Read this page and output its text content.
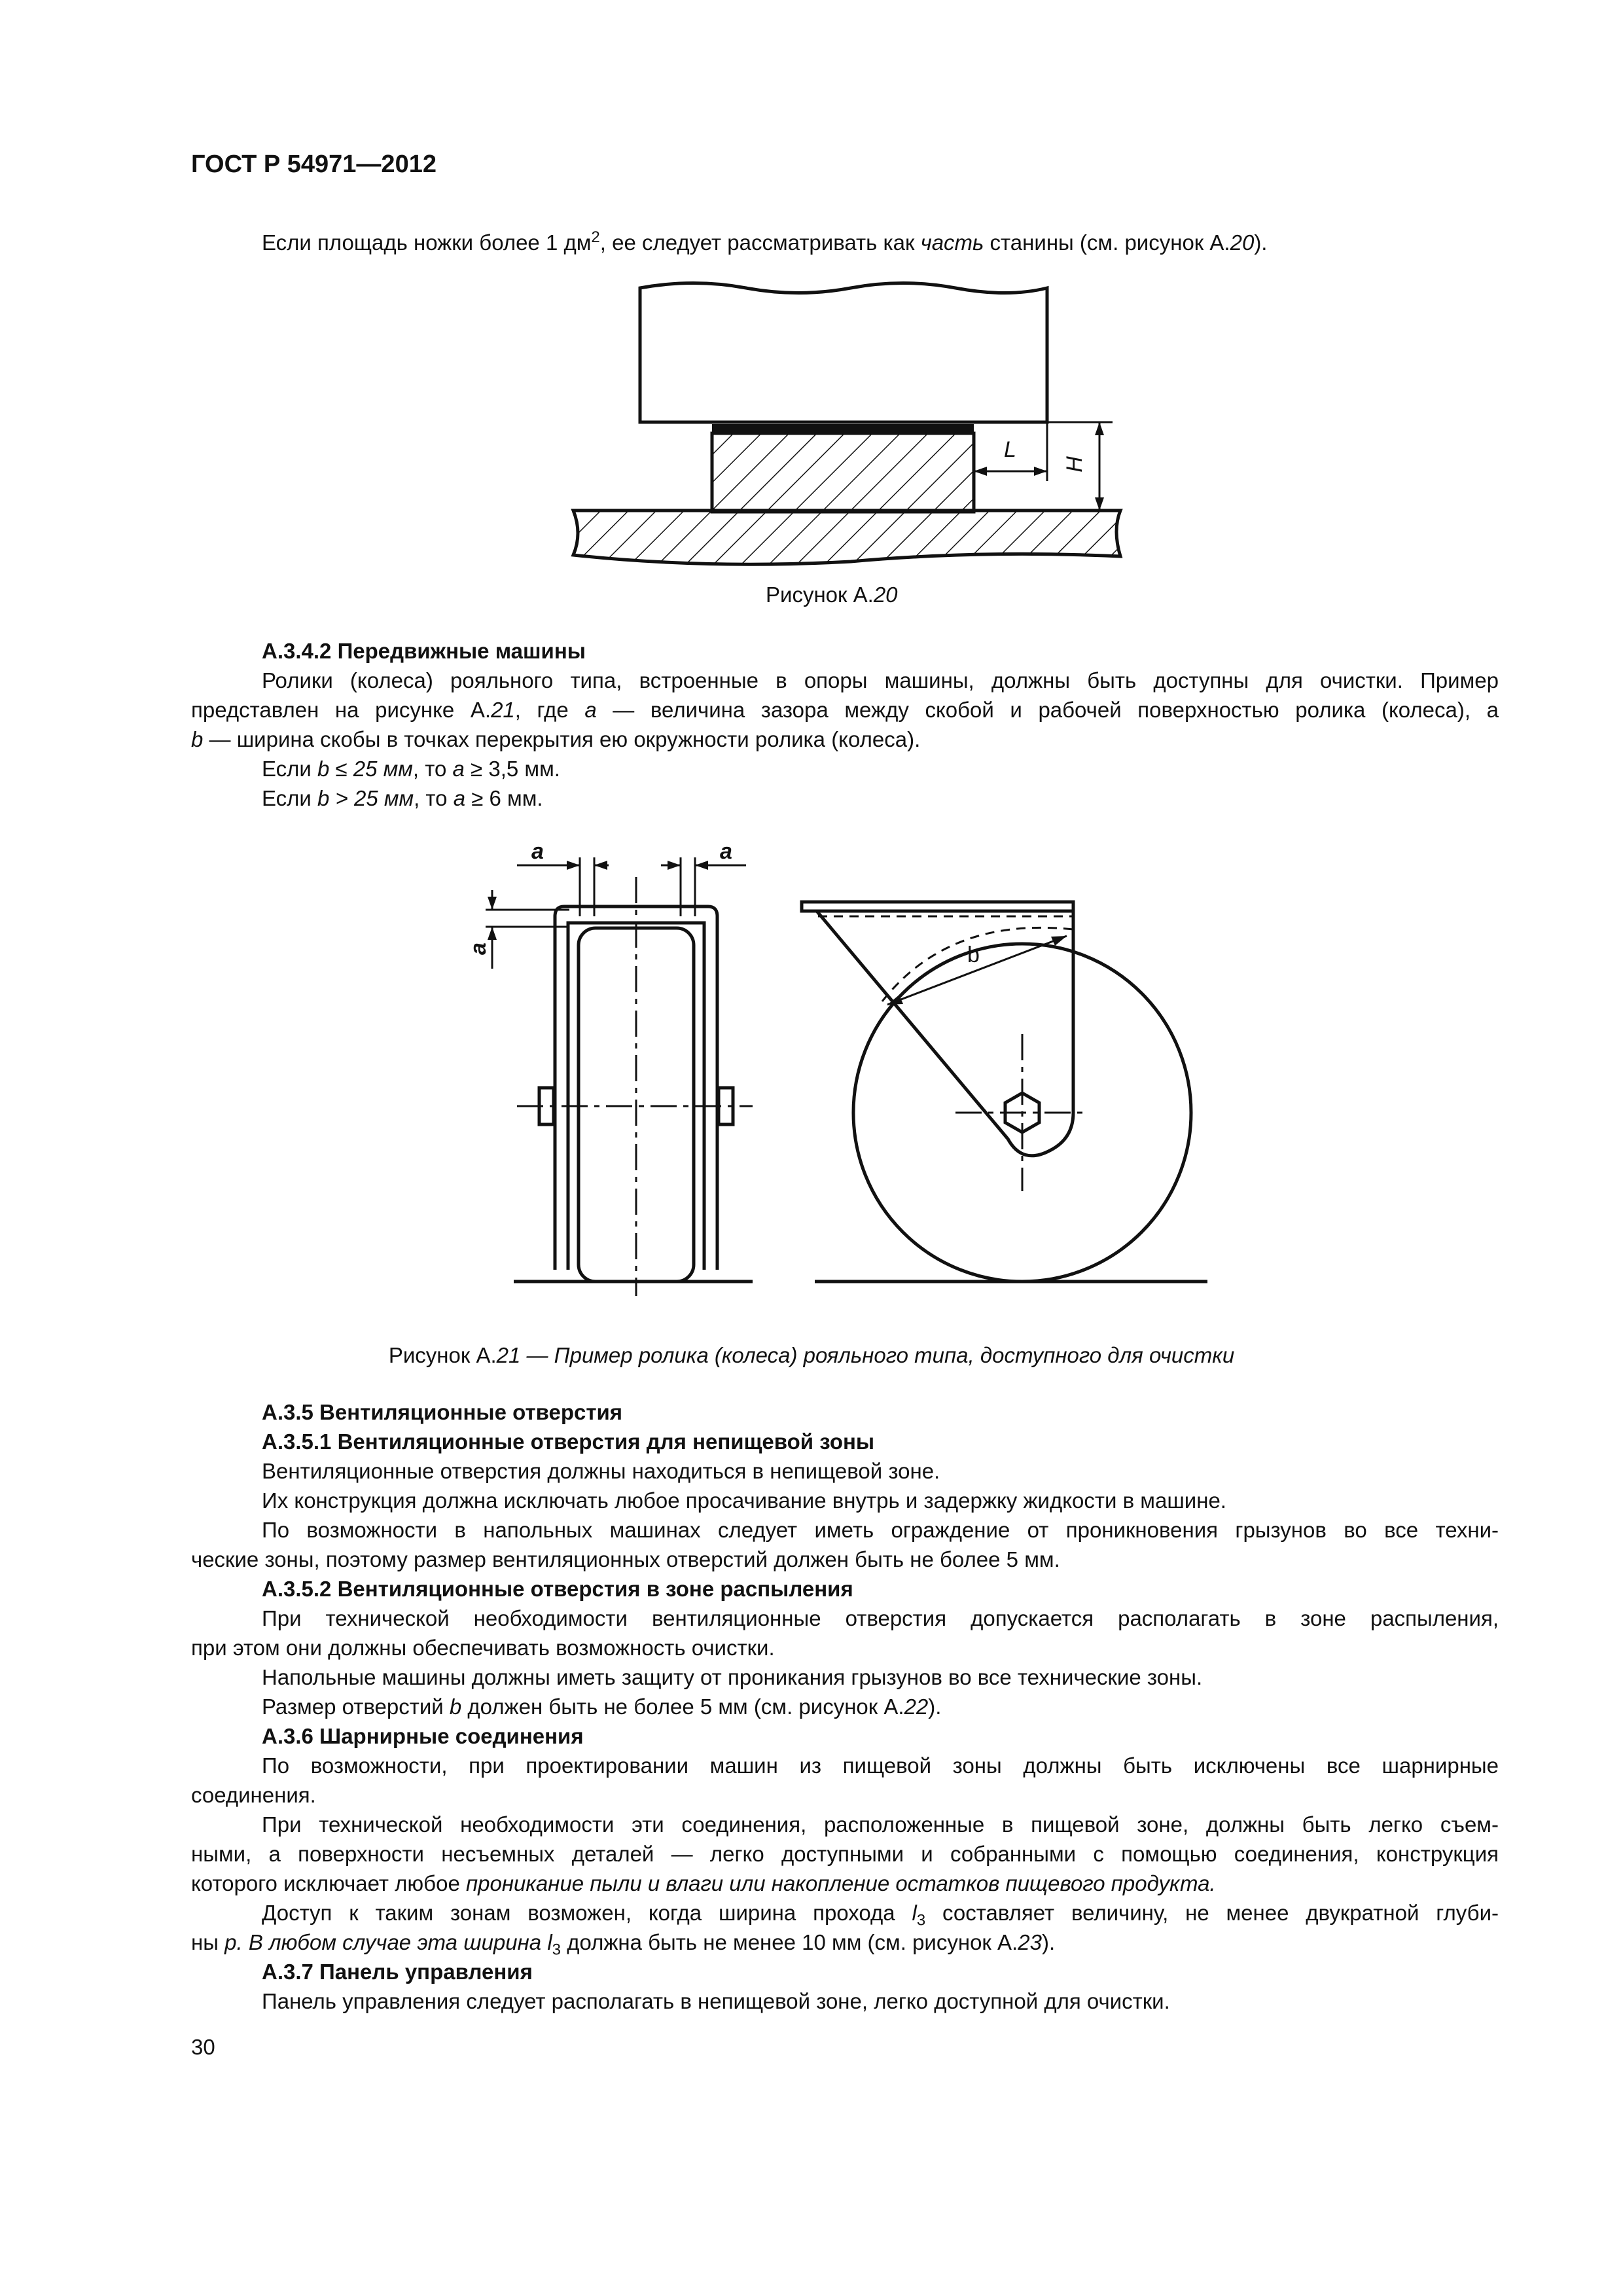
ГОСТ Р 54971—2012
Если площадь ножки более 1 $дм^2$, ее следует рассматривать как часть станины (см. рисунок А.20).
L
H
Рисунок А.20
А.3.4.2 Передвижные машины
Ролики (колеса) рояльного типа, встроенные в опоры машины, должны быть доступны для очистки. Пример
представлен на рисунке А.21, где a — величина зазора между скобой и рабочей поверхностью ролика (колеса), а
b — ширина скобы в точках перекрытия ею окружности ролика (колеса).
Если b ≤ 25 мм, то a ≥ 3,5 мм.
Если b > 25 мм, то a ≥ 6 мм.
a	a
a	b
Рисунок А.21 — Пример ролика (колеса) рояльного типа, доступного для очистки
А.3.5 Вентиляционные отверстия
А.3.5.1 Вентиляционные отверстия для непищевой зоны
Вентиляционные отверстия должны находиться в непищевой зоне.
Их конструкция должна исключать любое просачивание внутрь и задержку жидкости в машине.
По возможности в напольных машинах следует иметь ограждение от проникновения грызунов во все техни-
ческие зоны, поэтому размер вентиляционных отверстий должен быть не более 5 мм.
А.3.5.2 Вентиляционные отверстия в зоне распыления
При технической необходимости вентиляционные отверстия допускается располагать в зоне распыления,
при этом они должны обеспечивать возможность очистки.
Напольные машины должны иметь защиту от проникания грызунов во все технические зоны.
Размер отверстий b должен быть не более 5 мм (см. рисунок А.22).
А.3.6 Шарнирные соединения
По возможности, при проектировании машин из пищевой зоны должны быть исключены все шарнирные
соединения.
При технической необходимости эти соединения, расположенные в пищевой зоне, должны быть легко съем-
ными, а поверхности несъемных деталей — легко доступными и собранными с помощью соединения, конструкция
которого исключает любое проникание пыли и влаги или накопление остатков пищевого продукта.
Доступ к таким зонам возможен, когда ширина прохода $l_3$ составляет величину, не менее двукратной глуби-
ны p. В любом случае эта ширина $l_3$ должна быть не менее 10 мм (см. рисунок А.23).
А.3.7 Панель управления
Панель управления следует располагать в непищевой зоне, легко доступной для очистки.
30
